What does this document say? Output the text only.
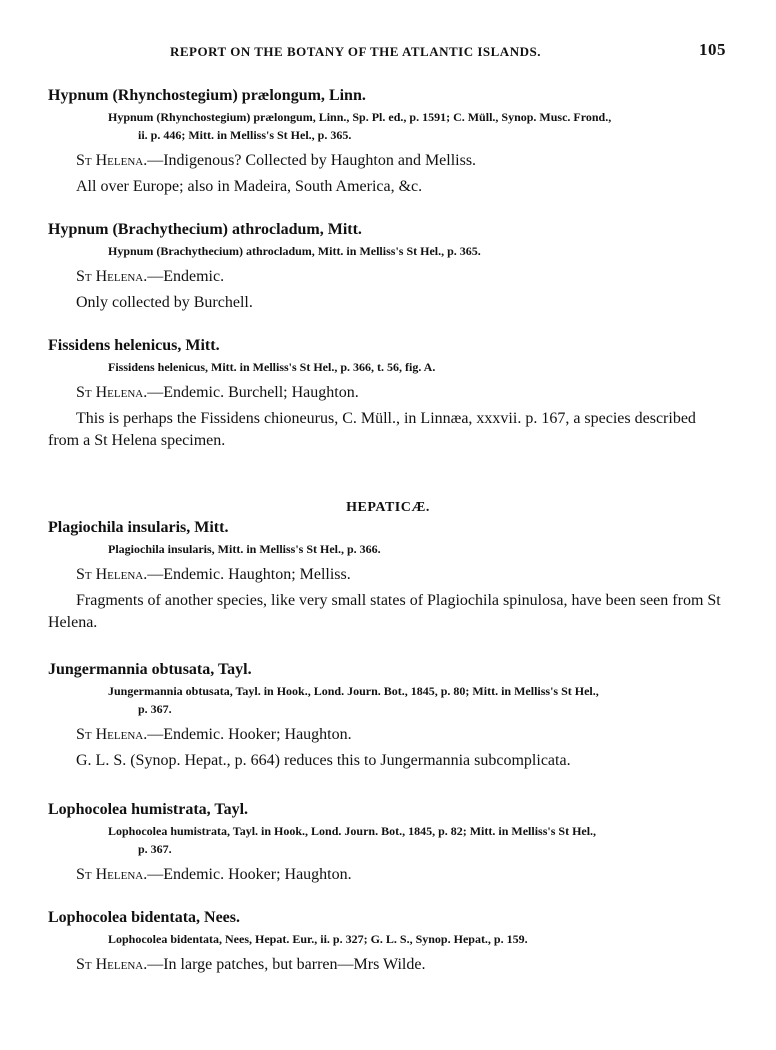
REPORT ON THE BOTANY OF THE ATLANTIC ISLANDS.	105

Hypnum (Rhynchostegium) prælongum, Linn.

Hypnum (Rhynchostegium) prælongum, Linn., Sp. Pl. ed., p. 1591; C. Müll., Synop. Musc. Frond.,
ii. p. 446; Mitt. in Melliss's St Hel., p. 365.

St Helena.—Indigenous? Collected by Haughton and Melliss.

All over Europe; also in Madeira, South America, &c.

Hypnum (Brachythecium) athrocladum, Mitt.

Hypnum (Brachythecium) athrocladum, Mitt. in Melliss's St Hel., p. 365.

St Helena.—Endemic.

Only collected by Burchell.

Fissidens helenicus, Mitt.

Fissidens helenicus, Mitt. in Melliss's St Hel., p. 366, t. 56, fig. A.

St Helena.—Endemic. Burchell; Haughton.

This is perhaps the Fissidens chioneurus, C. Müll., in Linnæa, xxxvii. p. 167, a species described from a St Helena specimen.

HEPATICÆ.

Plagiochila insularis, Mitt.

Plagiochila insularis, Mitt. in Melliss's St Hel., p. 366.

St Helena.—Endemic. Haughton; Melliss.

Fragments of another species, like very small states of Plagiochila spinulosa, have been seen from St Helena.

Jungermannia obtusata, Tayl.

Jungermannia obtusata, Tayl. in Hook., Lond. Journ. Bot., 1845, p. 80; Mitt. in Melliss's St Hel.,
p. 367.

St Helena.—Endemic. Hooker; Haughton.

G. L. S. (Synop. Hepat., p. 664) reduces this to Jungermannia subcomplicata.

Lophocolea humistrata, Tayl.

Lophocolea humistrata, Tayl. in Hook., Lond. Journ. Bot., 1845, p. 82; Mitt. in Melliss's St Hel.,
p. 367.

St Helena.—Endemic. Hooker; Haughton.

Lophocolea bidentata, Nees.

Lophocolea bidentata, Nees, Hepat. Eur., ii. p. 327; G. L. S., Synop. Hepat., p. 159.

St Helena.—In large patches, but barren—Mrs Wilde.
